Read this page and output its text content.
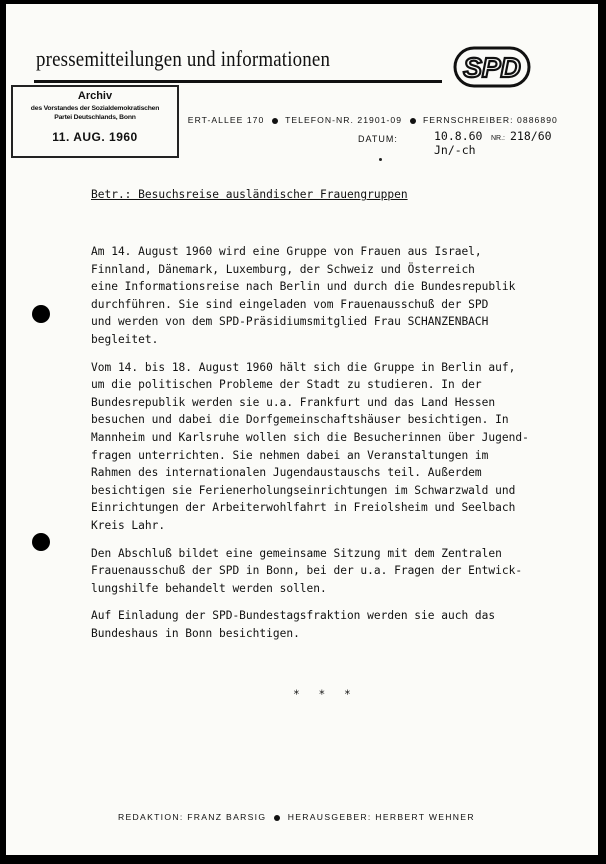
pressemitteilungen und informationen	SPD
ERT-ALLEE 170 TELEFON-NR. 21901-09 FERNSCHREIBER: 0886890
Archiv
des Vorstandes der Sozialdemokratischen
Partei Deutschlands, Bonn
11. AUG. 1960	DATUM:	10.8.60 NR.: 218/60
Jn/-ch
Betr.: Besuchsreise ausländischer Frauengruppen

Am 14. August 1960 wird eine Gruppe von Frauen aus Israel,
Finnland, Dänemark, Luxemburg, der Schweiz und Österreich
eine Informationsreise nach Berlin und durch die Bundesrepublik
durchführen. Sie sind eingeladen vom Frauenausschuß der SPD
und werden von dem SPD-Präsidiumsmitglied Frau SCHANZENBACH
begleitet.

Vom 14. bis 18. August 1960 hält sich die Gruppe in Berlin auf,
um die politischen Probleme der Stadt zu studieren. In der
Bundesrepublik werden sie u.a. Frankfurt und das Land Hessen
besuchen und dabei die Dorfgemeinschaftshäuser besichtigen. In
Mannheim und Karlsruhe wollen sich die Besucherinnen über Jugend-
fragen unterrichten. Sie nehmen dabei an Veranstaltungen im
Rahmen des internationalen Jugendaustauschs teil. Außerdem
besichtigen sie Ferienerholungseinrichtungen im Schwarzwald und
Einrichtungen der Arbeiterwohlfahrt in Freiolsheim und Seelbach
Kreis Lahr.

Den Abschluß bildet eine gemeinsame Sitzung mit dem Zentralen
Frauenausschuß der SPD in Bonn, bei der u.a. Fragen der Entwick-
lungshilfe behandelt werden sollen.

Auf Einladung der SPD-Bundestagsfraktion werden sie auch das
Bundeshaus in Bonn besichtigen.

* * *
REDAKTION: FRANZ BARSIG HERAUSGEBER: HERBERT WEHNER
